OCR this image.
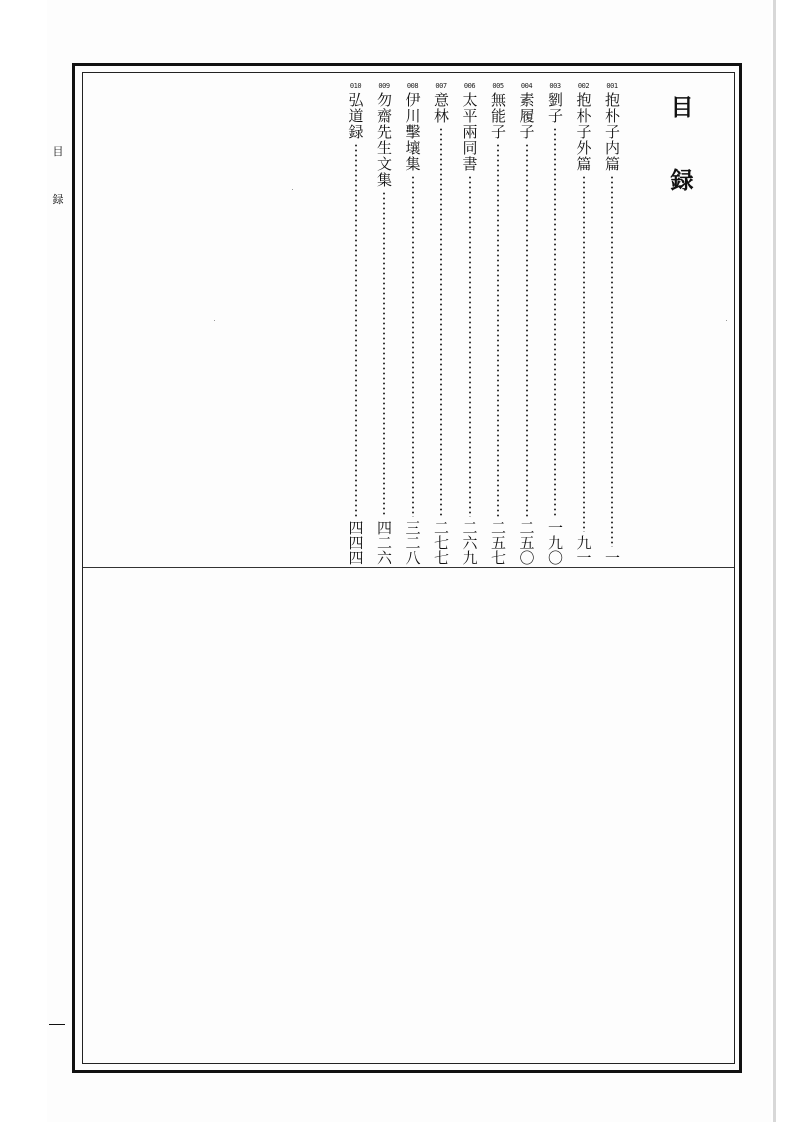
目
録
目
録
001
抱朴子内篇
一
002
抱朴子外篇
九一
003
劉子
一九〇
004
素履子
二五〇
005
無能子
二五七
006
太平兩同書
二六九
007
意林
二七七
008
伊川擊壤集
三二八
009
勿齋先生文集
四二六
010
弘道録
四四四
